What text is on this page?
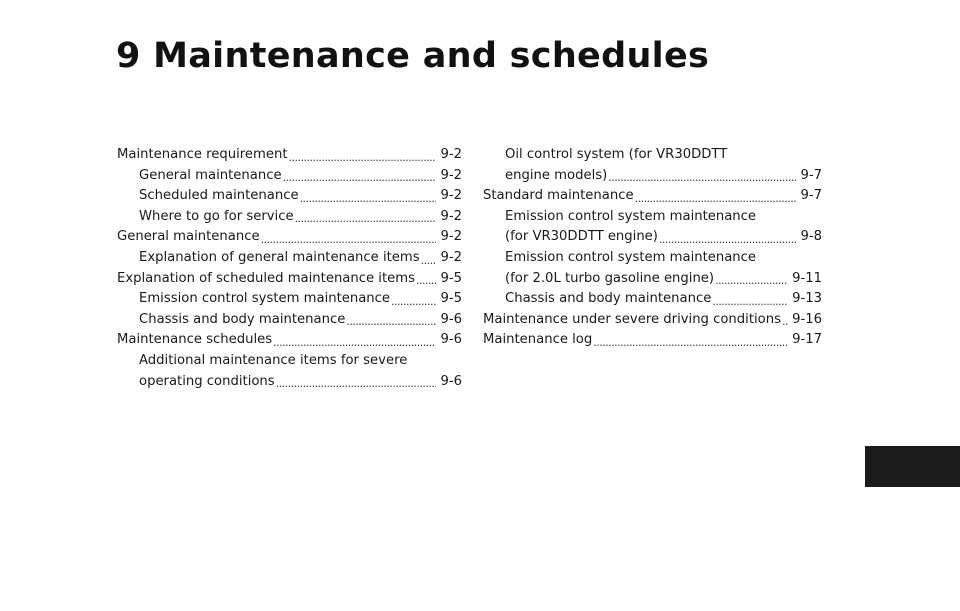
9 Maintenance and schedules
Maintenance requirement . . .	9-2
General maintenance . . .	9-2
Scheduled maintenance . . .	9-2
Where to go for service . . .	9-2
General maintenance . . .	9-2
Explanation of general maintenance items . . . 9-2
Explanation of scheduled maintenance items . . . 9-5
Emission control system maintenance . . .	9-5
Chassis and body maintenance . . .	9-6
Maintenance schedules . . .	9-6
Additional maintenance items for severe
operating conditions . . .	9-6
Oil control system (for VR30DDTT
engine models) . . .	9-7
Standard maintenance . . .	9-7
Emission control system maintenance
(for VR30DDTT engine) . . .	9-8
Emission control system maintenance
(for 2.0L turbo gasoline engine) . . .	9-11
Chassis and body maintenance . . .	9-13
Maintenance under severe driving conditions . . . 9-16
Maintenance log . . .	9-17
